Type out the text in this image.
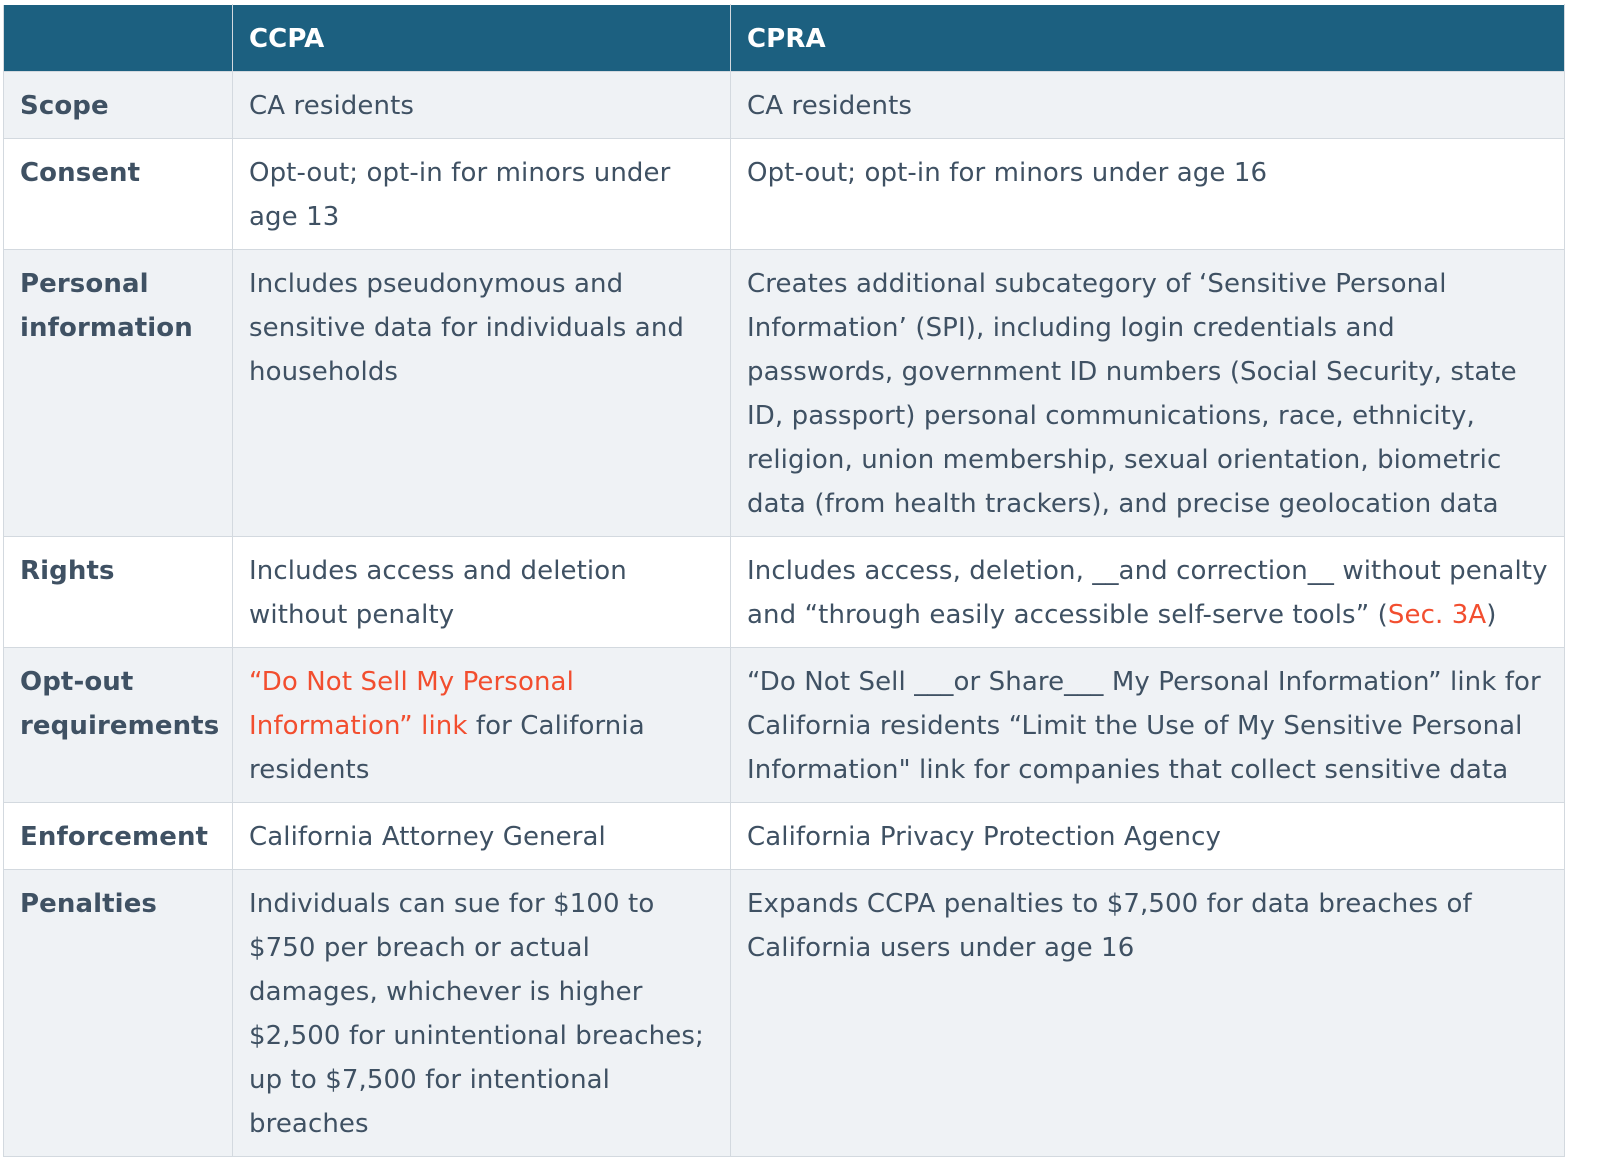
	CCPA	CPRA
Scope	CA residents	CA residents
Consent	Opt-out; opt-in for minors under age 13	Opt-out; opt-in for minors under age 16
Personal information	Includes pseudonymous and sensitive data for individuals and households	Creates additional subcategory of ‘Sensitive Personal Information’ (SPI), including login credentials and passwords, government ID numbers (Social Security, state ID, passport) personal communications, race, ethnicity, religion, union membership, sexual orientation, biometric data (from health trackers), and precise geolocation data
Rights	Includes access and deletion without penalty	Includes access, deletion, __and correction__ without penalty and “through easily accessible self-serve tools” (Sec. 3A)
Opt-out requirements	“Do Not Sell My Personal Information” link for California residents	“Do Not Sell ___or Share___ My Personal Information” link for California residents “Limit the Use of My Sensitive Personal Information" link for companies that collect sensitive data
Enforcement	California Attorney General	California Privacy Protection Agency
Penalties	Individuals can sue for $100 to $750 per breach or actual damages, whichever is higher $2,500 for unintentional breaches; up to $7,500 for intentional breaches	Expands CCPA penalties to $7,500 for data breaches of California users under age 16
